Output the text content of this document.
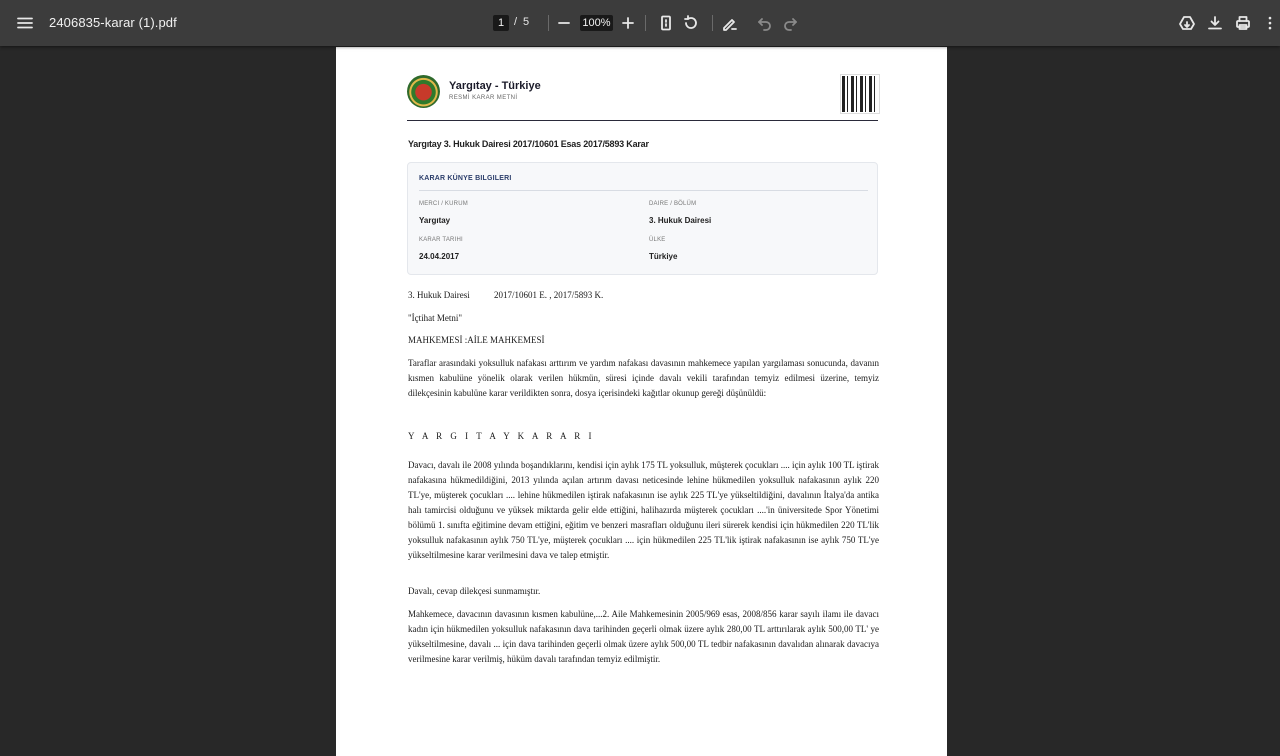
2406835-karar (1).pdf	1 / 5	100%
Yargıtay - Türkiye
RESMİ KARAR METNİ
Yargıtay 3. Hukuk Dairesi 2017/10601 Esas 2017/5893 Karar
KARAR KÜNYE BILGILERI
MERCI / KURUM
Yargıtay
DAIRE / BÖLÜM
3. Hukuk Dairesi
KARAR TARIHI
24.04.2017
ÜLKE
Türkiye
3. Hukuk Dairesi	2017/10601 E. , 2017/5893 K.
"İçtihat Metni"
MAHKEMESİ :AİLE MAHKEMESİ
Taraflar arasındaki yoksulluk nafakası arttırım ve yardım nafakası davasının mahkemece yapılan yargılaması sonucunda, davanın kısmen kabulüne yönelik olarak verilen hükmün, süresi içinde davalı vekili tarafından temyiz edilmesi üzerine, temyiz dilekçesinin kabulüne karar verildikten sonra, dosya içerisindeki kağıtlar okunup gereği düşünüldü:
Y A R G I T A Y K A R A R I
Davacı, davalı ile 2008 yılında boşandıklarını, kendisi için aylık 175 TL yoksulluk, müşterek çocukları .... için aylık 100 TL iştirak nafakasına hükmedildiğini, 2013 yılında açılan artırım davası neticesinde lehine hükmedilen yoksulluk nafakasının aylık 220 TL'ye, müşterek çocukları .... lehine hükmedilen iştirak nafakasının ise aylık 225 TL'ye yükseltildiğini, davalının İtalya'da antika halı tamircisi olduğunu ve yüksek miktarda gelir elde ettiğini, halihazırda müşterek çocukları ....'in üniversitede Spor Yönetimi bölümü 1. sınıfta eğitimine devam ettiğini, eğitim ve benzeri masrafları olduğunu ileri sürerek kendisi için hükmedilen 220 TL'lik yoksulluk nafakasının aylık 750 TL'ye, müşterek çocukları .... için hükmedilen 225 TL'lik iştirak nafakasının ise aylık 750 TL'ye yükseltilmesine karar verilmesini dava ve talep etmiştir.
Davalı, cevap dilekçesi sunmamıştır.
Mahkemece, davacının davasının kısmen kabulüne,...2. Aile Mahkemesinin 2005/969 esas, 2008/856 karar sayılı ilamı ile davacı kadın için hükmedilen yoksulluk nafakasının dava tarihinden geçerli olmak üzere aylık 280,00 TL arttırılarak aylık 500,00 TL' ye yükseltilmesine, davalı ... için dava tarihinden geçerli olmak üzere aylık 500,00 TL tedbir nafakasının davalıdan alınarak davacıya verilmesine karar verilmiş, hüküm davalı tarafından temyiz edilmiştir.
